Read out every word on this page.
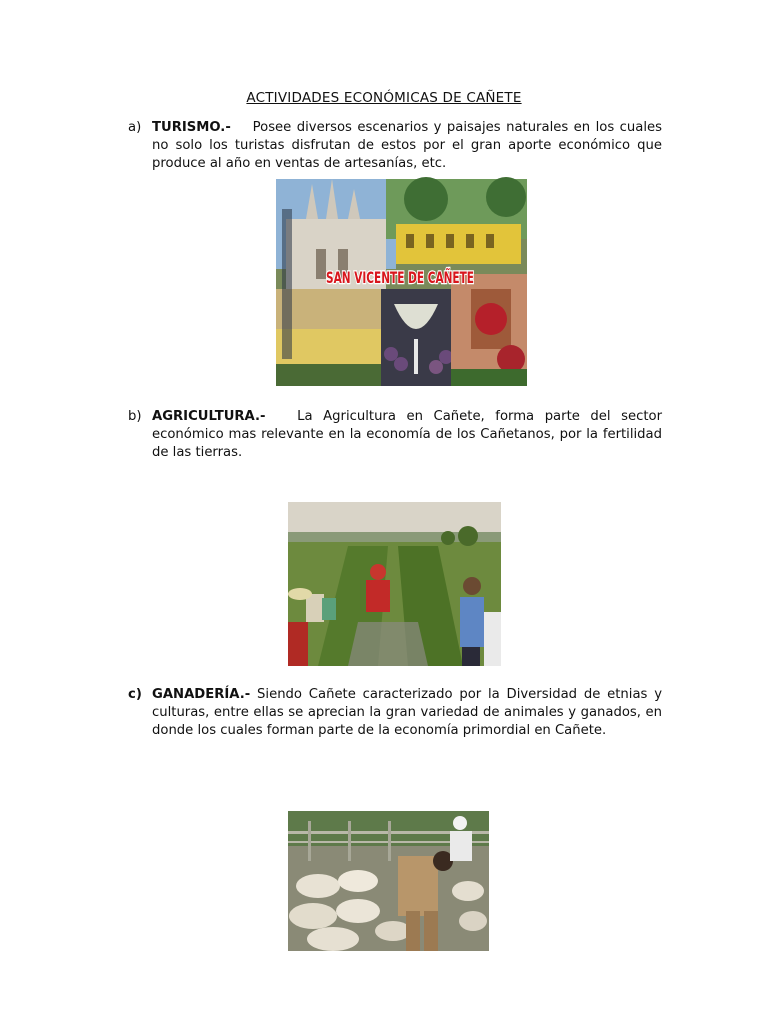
ACTIVIDADES ECONÓMICAS DE CAÑETE
a) TURISMO.- Posee diversos escenarios y paisajes naturales en los cuales no solo los turistas disfrutan de estos por el gran aporte económico que produce al año en ventas de artesanías, etc.
SAN VICENTE DE CAÑETE
b) AGRICULTURA.- La Agricultura en Cañete, forma parte del sector económico mas relevante en la economía de los Cañetanos, por la fertilidad de las tierras.
c) GANADERÍA.- Siendo Cañete caracterizado por la Diversidad de etnias y culturas, entre ellas se aprecian la gran variedad de animales y ganados, en donde los cuales forman parte de la economía primordial en Cañete.
